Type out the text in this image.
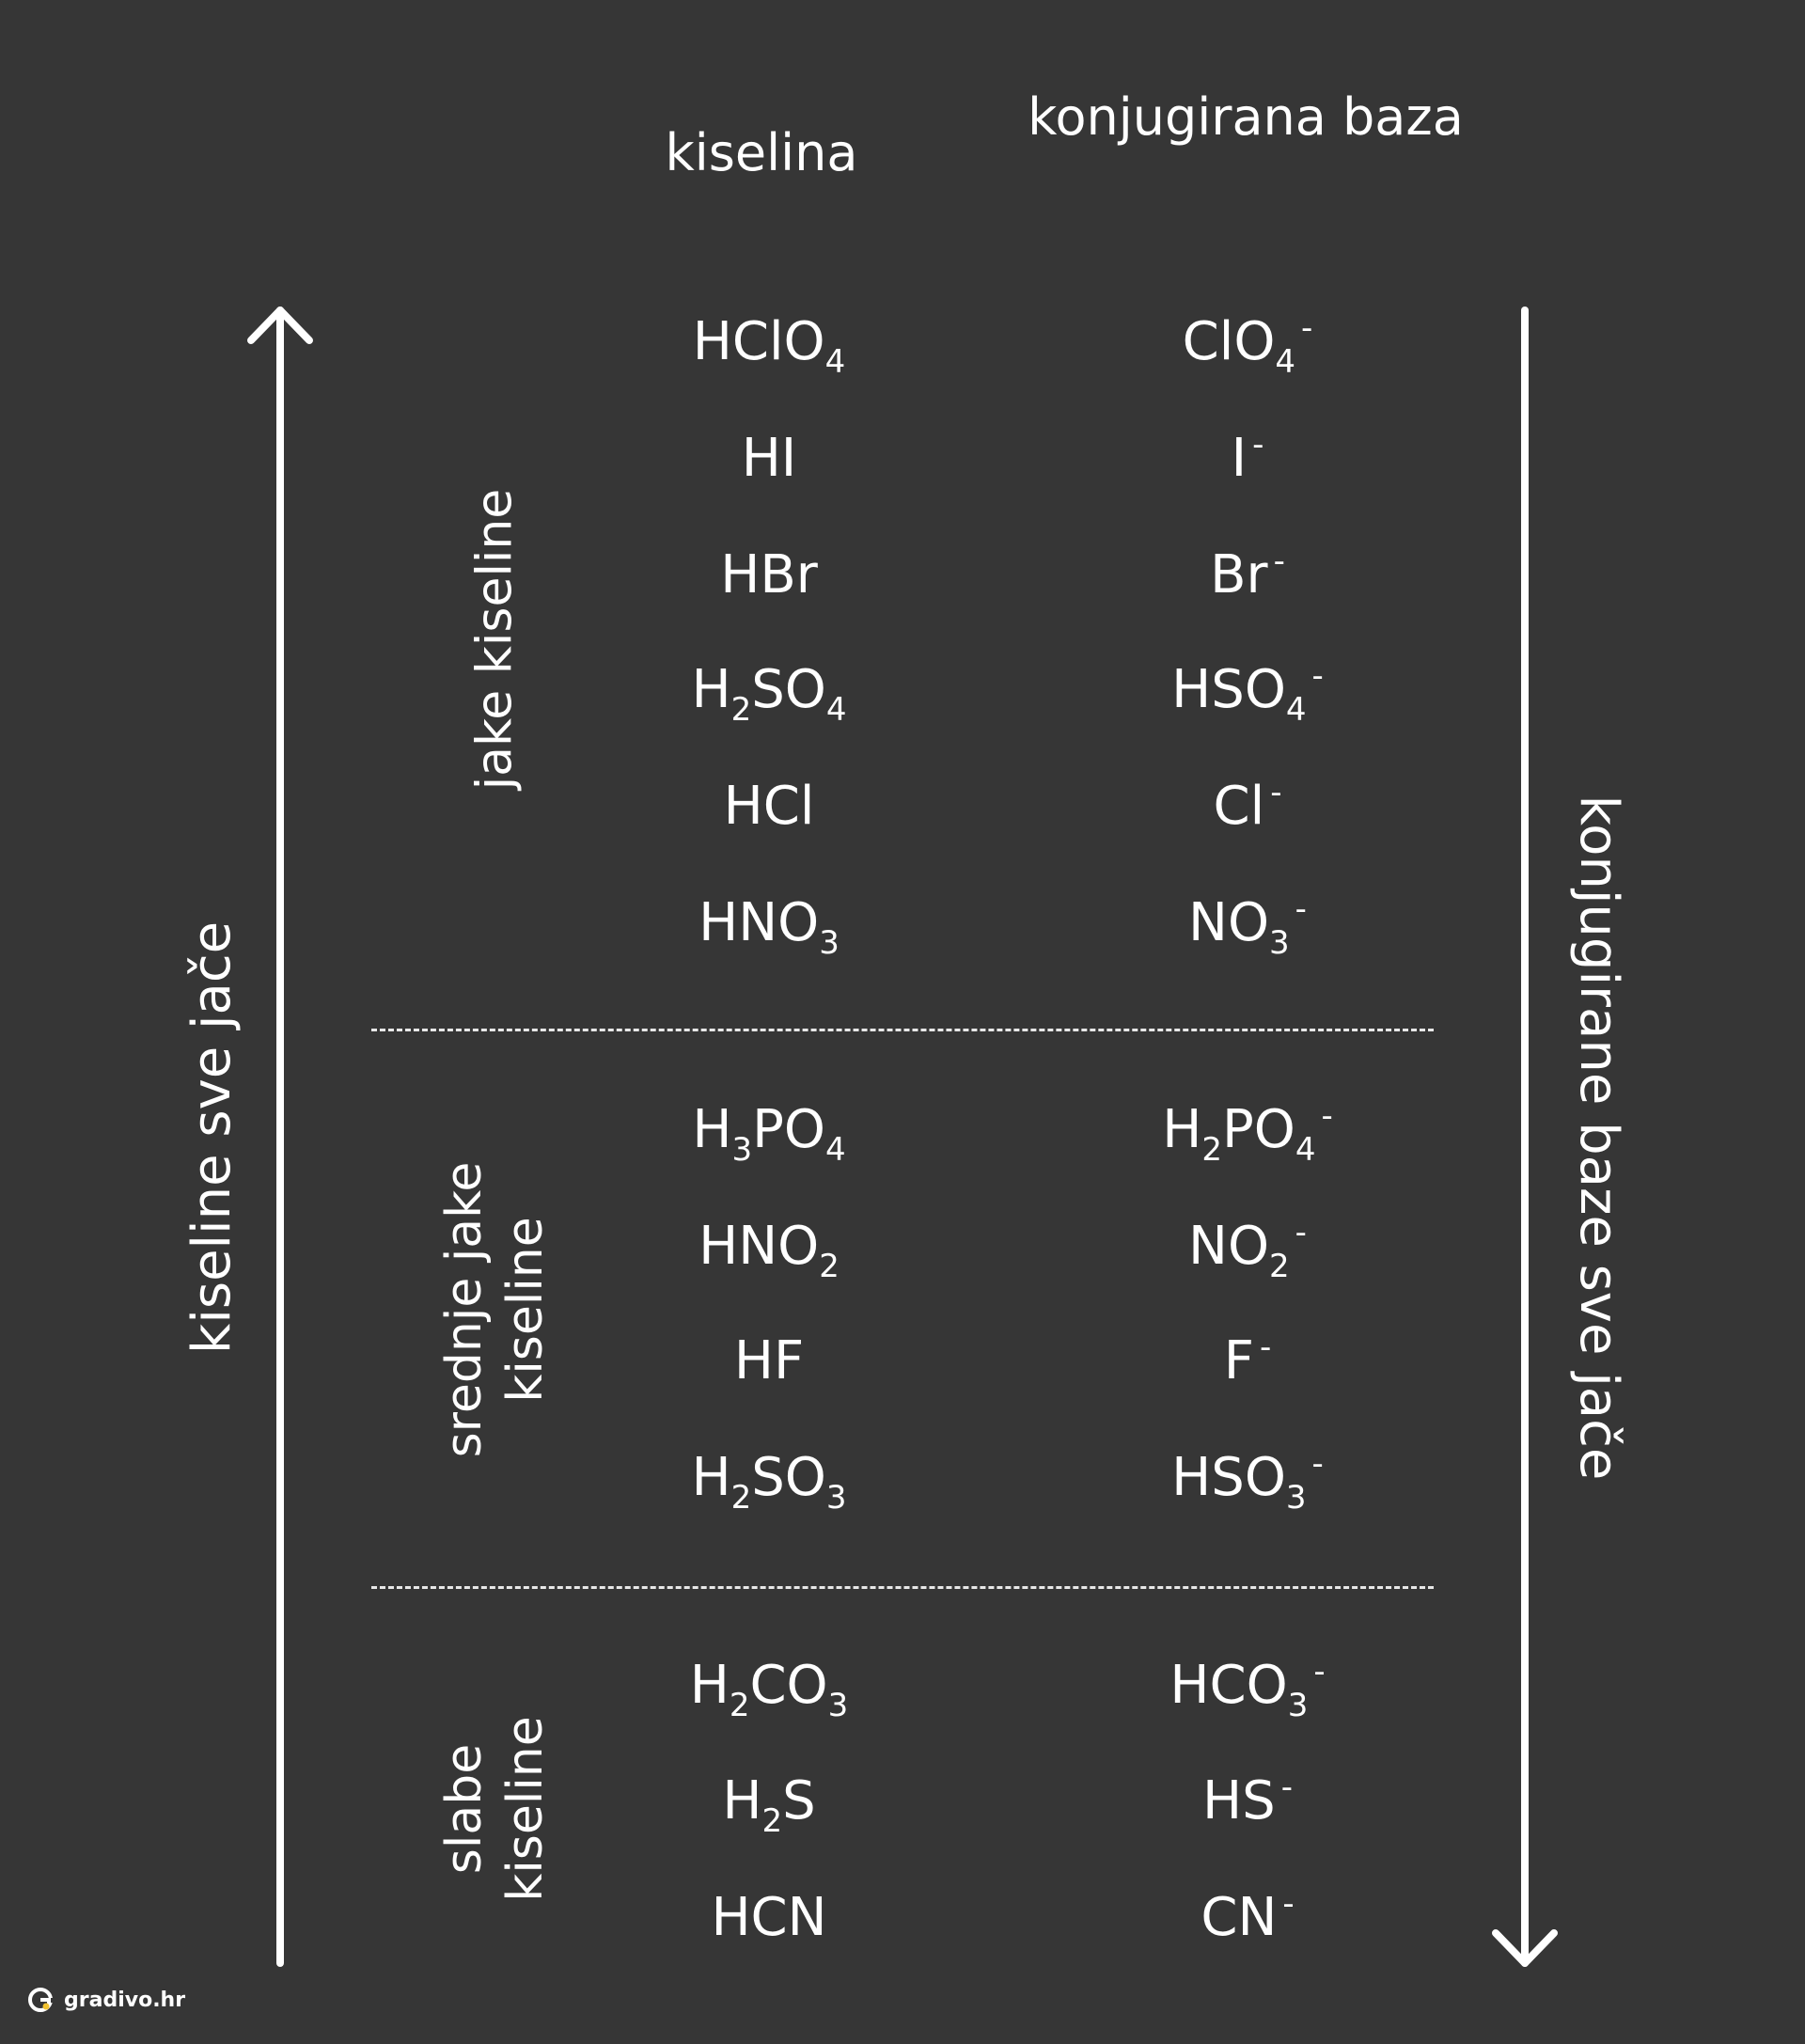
kiselina
konjugirana baza
HClO$_4$	ClO$_4$-
HI	I -
HBr	Br -
$H_2SO_4$	$HSO_4^-$
HCl	Cl -
$HNO_3$	$NO_3^-$
$H_3PO_4$	$H_2PO_4^-$
$HNO_2$	$NO_2^-$
HF	F -
$H_2SO_3$	$HSO_3^-$
$H_2CO_3$	$HCO_3^-$
$H_2S$	HS -
HCN	CN -
jake kiseline
srednje jake
kiseline
slabe
kiseline
kiseline sve jače	konjugirane baze sve jače
gradivo.hr
